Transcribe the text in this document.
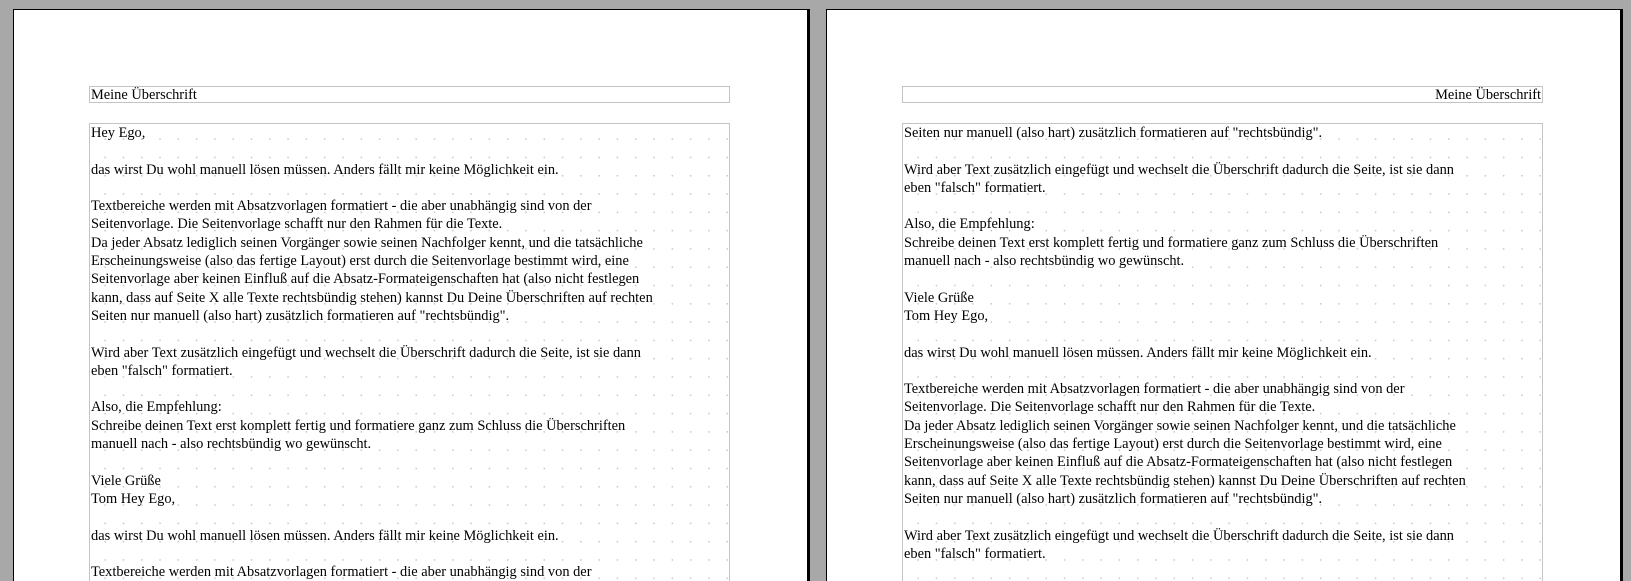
Meine Überschrift
Hey Ego,
das wirst Du wohl manuell lösen müssen. Anders fällt mir keine Möglichkeit ein.
Textbereiche werden mit Absatzvorlagen formatiert - die aber unabhängig sind von der
Seitenvorlage. Die Seitenvorlage schafft nur den Rahmen für die Texte.
Da jeder Absatz lediglich seinen Vorgänger sowie seinen Nachfolger kennt, und die tatsächliche
Erscheinungsweise (also das fertige Layout) erst durch die Seitenvorlage bestimmt wird, eine
Seitenvorlage aber keinen Einfluß auf die Absatz-Formateigenschaften hat (also nicht festlegen
kann, dass auf Seite X alle Texte rechtsbündig stehen) kannst Du Deine Überschriften auf rechten
Seiten nur manuell (also hart) zusätzlich formatieren auf "rechtsbündig".
Wird aber Text zusätzlich eingefügt und wechselt die Überschrift dadurch die Seite, ist sie dann
eben "falsch" formatiert.
Also, die Empfehlung:
Schreibe deinen Text erst komplett fertig und formatiere ganz zum Schluss die Überschriften
manuell nach - also rechtsbündig wo gewünscht.
Viele Grüße
Tom Hey Ego,
das wirst Du wohl manuell lösen müssen. Anders fällt mir keine Möglichkeit ein.
Textbereiche werden mit Absatzvorlagen formatiert - die aber unabhängig sind von der
Meine Überschrift
Seiten nur manuell (also hart) zusätzlich formatieren auf "rechtsbündig".
Wird aber Text zusätzlich eingefügt und wechselt die Überschrift dadurch die Seite, ist sie dann
eben "falsch" formatiert.
Also, die Empfehlung:
Schreibe deinen Text erst komplett fertig und formatiere ganz zum Schluss die Überschriften
manuell nach - also rechtsbündig wo gewünscht.
Viele Grüße
Tom Hey Ego,
das wirst Du wohl manuell lösen müssen. Anders fällt mir keine Möglichkeit ein.
Textbereiche werden mit Absatzvorlagen formatiert - die aber unabhängig sind von der
Seitenvorlage. Die Seitenvorlage schafft nur den Rahmen für die Texte.
Da jeder Absatz lediglich seinen Vorgänger sowie seinen Nachfolger kennt, und die tatsächliche
Erscheinungsweise (also das fertige Layout) erst durch die Seitenvorlage bestimmt wird, eine
Seitenvorlage aber keinen Einfluß auf die Absatz-Formateigenschaften hat (also nicht festlegen
kann, dass auf Seite X alle Texte rechtsbündig stehen) kannst Du Deine Überschriften auf rechten
Seiten nur manuell (also hart) zusätzlich formatieren auf "rechtsbündig".
Wird aber Text zusätzlich eingefügt und wechselt die Überschrift dadurch die Seite, ist sie dann
eben "falsch" formatiert.
